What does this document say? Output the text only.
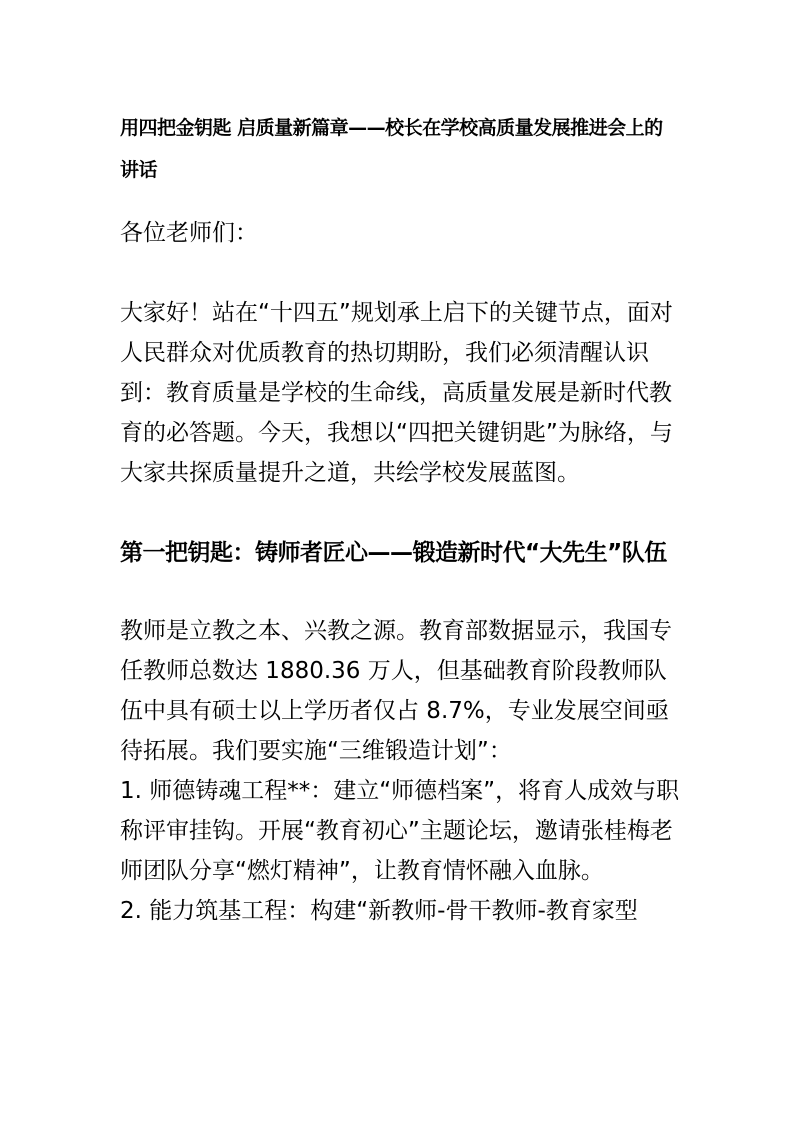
用四把金钥匙 启质量新篇章——校长在学校高质量发展推进会上的讲话

各位老师们：

大家好！站在“十四五”规划承上启下的关键节点，面对人民群众对优质教育的热切期盼，我们必须清醒认识到：教育质量是学校的生命线，高质量发展是新时代教育的必答题。今天，我想以“四把关键钥匙”为脉络，与大家共探质量提升之道，共绘学校发展蓝图。

第一把钥匙：铸师者匠心——锻造新时代“大先生”队伍

教师是立教之本、兴教之源。教育部数据显示，我国专任教师总数达 1880.36 万人，但基础教育阶段教师队伍中具有硕士以上学历者仅占 8.7%，专业发展空间亟待拓展。我们要实施“三维锻造计划”：

1. 师德铸魂工程**：建立“师德档案”，将育人成效与职称评审挂钩。开展“教育初心”主题论坛，邀请张桂梅老师团队分享“燃灯精神”，让教育情怀融入血脉。
2. 能力筑基工程：构建“新教师-骨干教师-教育家型
